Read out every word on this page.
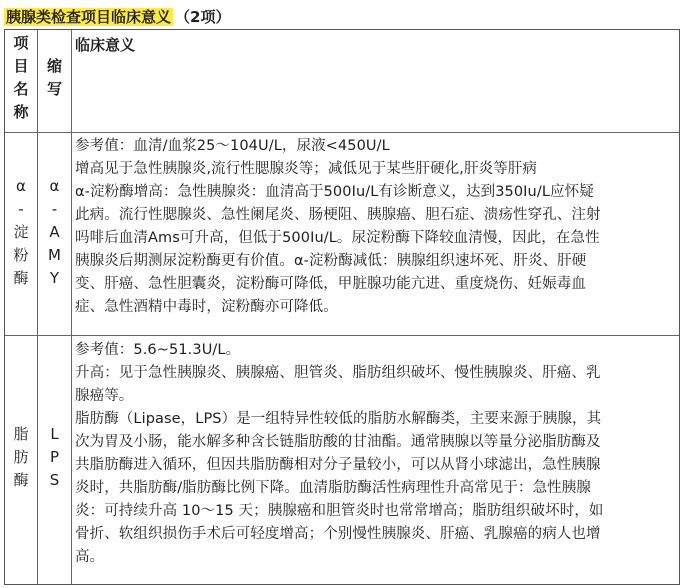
胰腺类检查项目临床意义 （2项）
项
目
名
称
缩
写
临床意义
α
-
淀
粉
酶
α
-
A
M
Y
参考值：血清/血浆25～104U/L，尿液<450U/L
增高见于急性胰腺炎,流行性腮腺炎等；减低见于某些肝硬化,肝炎等肝病
α-淀粉酶增高：急性胰腺炎：血清高于500Iu/L有诊断意义，达到350Iu/L应怀疑
此病。流行性腮腺炎、急性阑尾炎、肠梗阻、胰腺癌、胆石症、溃疡性穿孔、注射
吗啡后血清Ams可升高，但低于500Iu/L。尿淀粉酶下降较血清慢，因此，在急性
胰腺炎后期测尿淀粉酶更有价值。α-淀粉酶减低：胰腺组织速坏死、肝炎、肝硬
变、肝癌、急性胆囊炎，淀粉酶可降低，甲脏腺功能亢进、重度烧伤、妊娠毒血
症、急性酒精中毒时，淀粉酶亦可降低。
脂
肪
酶
L
P
S
参考值：5.6~51.3U/L。
升高：见于急性胰腺炎、胰腺癌、胆管炎、脂肪组织破坏、慢性胰腺炎、肝癌、乳
腺癌等。
脂肪酶（Lipase，LPS）是一组特异性较低的脂肪水解酶类，主要来源于胰腺，其
次为胃及小肠，能水解多种含长链脂肪酸的甘油酯。通常胰腺以等量分泌脂肪酶及
共脂肪酶进入循环，但因共脂肪酶相对分子量较小，可以从肾小球滤出，急性胰腺
炎时，共脂肪酶/脂肪酶比例下降。血清脂肪酶活性病理性升高常见于：急性胰腺
炎：可持续升高 10～15 天；胰腺癌和胆管炎时也常常增高；脂肪组织破坏时，如
骨折、软组织损伤手术后可轻度增高；个别慢性胰腺炎、肝癌、乳腺癌的病人也增
高。
